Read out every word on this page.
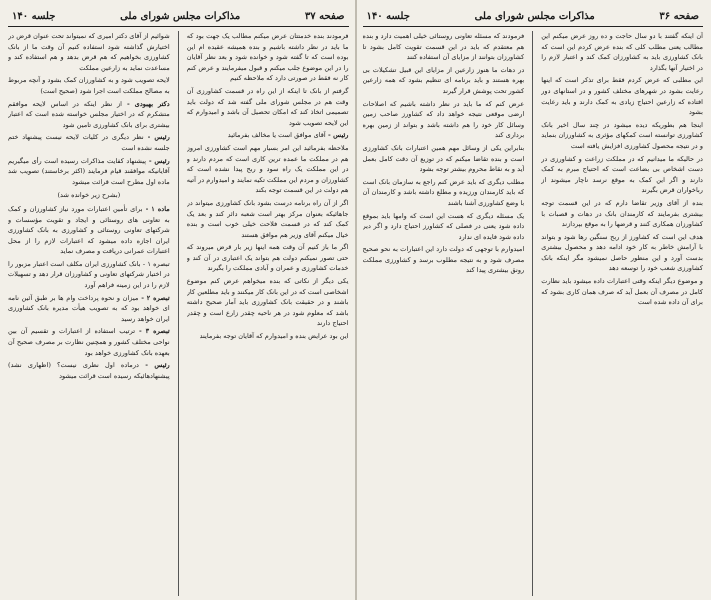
صفحه ۳۷
مذاکرات مجلس شورای ملی
جلسه ۱۴۰

فرمودند بنده خدمتتان عرض میکنم مطالب یک جهت بود که ما باید در نظر داشته باشیم و بنده همیشه عقیده ام این بوده است که تا گفته شود و خوانده شود و بعد نظر آقایان را در این موضوع جلب میکنم و قبول میفرمایند و عرض کنم کار نه فقط در صورتی دارد که ملاحظه کنیم

گرفتم از بانک تا اینکه از این راه در قسمت کشاورزی آن وقت هم در مجلس شورای ملی گفته شد که دولت باید تصمیمی اتخاذ کند که امکان تحصیل آن باشد و امیدوارم که این لایحه تصویب شود

رئیس - آقای موافق است یا مخالف بفرمائید

ملاحظه بفرمائید این امر بسیار مهم است کشاورزی امروز هم در مملکت ما عمده ترین کاری است که مردم دارند و در این مملکت یک راه سود و ربح پیدا نشده است که کشاورزان و مردم این مملکت تکیه نمایند و امیدوارم در آتیه هم دولت در این قسمت توجه بکند

اگر از آن راه برنامه درست بشود بانک کشاورزی میتواند در جاهائیکه بعنوان مرکز بهتر است شعبه دائر کند و بعد یک کمک کند که در قسمت فلاحت خیلی خوب است و بنده خیال میکنم آقای وزیر هم موافق هستند

اگر ما باز کنیم آن وقت همه اینها زیر بار قرض میروند که حتی تصور نمیکنم دولت هم بتواند یک اعتباری در آن کند و خدمات کشاورزی و عمران و آبادی مملکت را بگیرند

یکی دیگر از نکاتی که بنده میخواهم عرض کنم موضوع اشخاصی است که در این بانک کار میکنند و باید مطلعین کار باشند و در حقیقت بانک کشاورزی باید آمار صحیح داشته باشد که معلوم شود در هر ناحیه چقدر زارع است و چقدر احتیاج دارند

این بود عرایض بنده و امیدوارم که آقایان توجه بفرمایند

شوائیم از آقای دکتر امیری که نمیتواند تحت عنوان قرض در اختیارش گذاشته شود استفاده کنیم آن وقت ما از بانک کشاورزی بخواهیم که هم قرض بدهد و هم استفاده کند و مساعدت نماید به زارعین مملکت

لایحه تصویب شود و به کشاورزان کمک بشود و آنچه مربوط به مصالح مملکت است اجرا شود (صحیح است)

دکتر بهبودی - از نظر اینکه در اساس لایحه موافقم متشکرم که در اختیار مجلس خواسته شده است که اعتبار بیشتری برای بانک کشاورزی تامین شود

رئیس - نظر دیگری در کلیات لایحه نیست پیشنهاد ختم جلسه نشده است

رئیس - پیشنهاد کفایت مذاکرات رسیده است رأی میگیریم آقایانیکه موافقند قیام فرمایند (اکثر برخاستند) تصویب شد ماده اول مطرح است قرائت میشود

(بشرح زیر خوانده شد)

ماده ۱ - برای تأمین اعتبارات مورد نیاز کشاورزان و کمک به تعاونی های روستائی و ایجاد و تقویت مؤسسات و شرکتهای تعاونی روستائی و کشاورزی به بانک کشاورزی ایران اجازه داده میشود که اعتبارات لازم را از محل اعتبارات عمرانی دریافت و مصرف نماید

تبصره ۱ - بانک کشاورزی ایران مکلف است اعتبار مزبور را در اختیار شرکتهای تعاونی و کشاورزان قرار دهد و تسهیلات لازم را در این زمینه فراهم آورد

تبصره ۲ - میزان و نحوه پرداخت وام ها بر طبق آئین نامه ای خواهد بود که به تصویب هیأت مدیره بانک کشاورزی ایران خواهد رسید

تبصره ۳ - ترتیب استفاده از اعتبارات و تقسیم آن بین نواحی مختلف کشور و همچنین نظارت بر مصرف صحیح آن بعهده بانک کشاورزی خواهد بود

رئیس - درماده اول نظری نیست؟ (اظهاری نشد) پیشنهادهائیکه رسیده است قرائت میشود

صفحه ۳۶
مذاکرات مجلس شورای ملی
جلسه ۱۴۰

آن اینکه گفتند با دو سال حاجت و ده روز عرض میکنم این مطالب یعنی مطلب کلی که بنده عرض کردم این است که بانک کشاورزی باید به کشاورزان کمک کند و اعتبار لازم را در اختیار آنها بگذارد

این مطلبی که عرض کردم فقط برای تذکر است که اینها رعایت بشود در شهرهای مختلف کشور و در استانهای دور افتاده که زارعین احتیاج زیادی به کمک دارند و باید رعایت بشود

اینجا هم بطوریکه دیده میشود در چند سال اخیر بانک کشاورزی توانسته است کمکهای مؤثری به کشاورزان بنماید و در نتیجه محصول کشاورزی افزایش یافته است

در حالیکه ما میدانیم که در مملکت زراعت و کشاورزی در دست اشخاص بی بضاعت است که احتیاج مبرم به کمک دارند و اگر این کمک به موقع نرسد ناچار میشوند از رباخواران قرض بگیرند

بنده از آقای وزیر تقاضا دارم که در این قسمت توجه بیشتری بفرمایند که کارمندان بانک در دهات و قصبات با کشاورزان همکاری کنند و قرضها را به موقع بپردازند

هدف این است که کشاورز از ربح سنگین رها شود و بتواند با آرامش خاطر به کار خود ادامه دهد و محصول بیشتری بدست آورد و این منظور حاصل نمیشود مگر اینکه بانک کشاورزی شعب خود را توسعه دهد

و موضوع دیگر اینکه وقتی اعتبارات داده میشود باید نظارت کامل در مصرف آن بعمل آید که صرف همان کاری بشود که برای آن داده شده است

فرمودند که مسئله تعاونی روستائی خیلی اهمیت دارد و بنده هم معتقدم که باید در این قسمت تقویت کامل بشود تا کشاورزان بتوانند از مزایای آن استفاده کنند

در دهات ما هنوز زارعین از مزایای این قبیل تشکیلات بی بهره هستند و باید برنامه ای تنظیم بشود که همه زارعین کشور تحت پوشش قرار گیرند

عرض کنم که ما باید در نظر داشته باشیم که اصلاحات ارضی موقعی نتیجه خواهد داد که کشاورز صاحب زمین وسائل کار خود را هم داشته باشد و بتواند از زمین بهره برداری کند

بنابراین یکی از وسائل مهم همین اعتبارات بانک کشاورزی است و بنده تقاضا میکنم که در توزیع آن دقت کامل بعمل آید و به نقاط محروم بیشتر توجه بشود

مطلب دیگری که باید عرض کنم راجع به سازمان بانک است که باید کارمندان ورزیده و مطلع داشته باشد و کارمندان آن با وضع کشاورزی آشنا باشند

یک مسئله دیگری که هست این است که وامها باید بموقع داده شود یعنی در فصلی که کشاورز احتیاج دارد و اگر دیر داده شود فایده ای ندارد

امیدوارم با توجهی که دولت دارد این اعتبارات به نحو صحیح مصرف شود و به نتیجه مطلوب برسد و کشاورزی مملکت رونق بیشتری پیدا کند
